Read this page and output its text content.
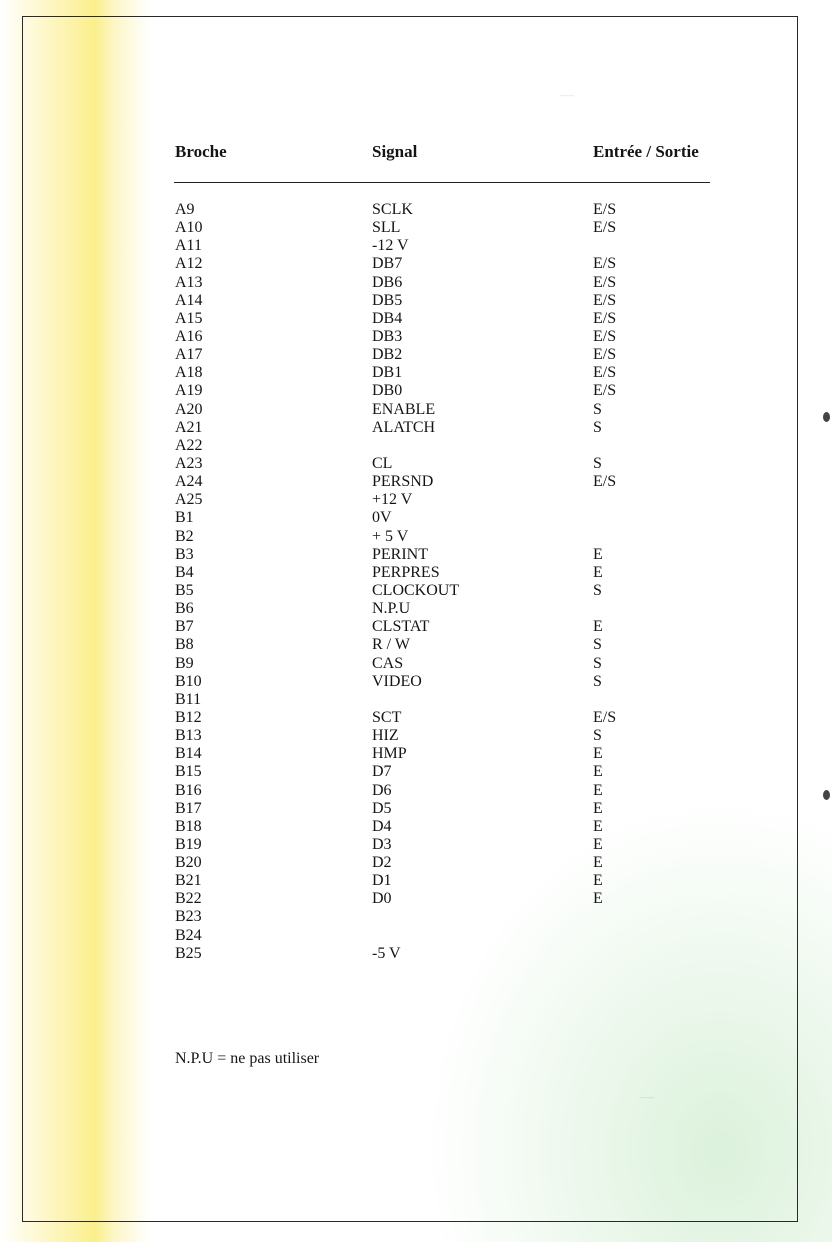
—
—
Broche	Signal	Entrée / Sortie
A9	SCLK	E/S
A10	SLL	E/S
A11	-12 V
A12	DB7	E/S
A13	DB6	E/S
A14	DB5	E/S
A15	DB4	E/S
A16	DB3	E/S
A17	DB2	E/S
A18	DB1	E/S
A19	DB0	E/S
A20	ENABLE	S
A21	ALATCH	S
A22
A23	CL	S
A24	PERSND	E/S
A25	+12 V
B1	0V
B2	+ 5 V
B3	PERINT	E
B4	PERPRES	E
B5	CLOCKOUT	S
B6	N.P.U
B7	CLSTAT	E
B8	R / W	S
B9	CAS	S
B10	VIDEO	S
B11
B12	SCT	E/S
B13	HIZ	S
B14	HMP	E
B15	D7	E
B16	D6	E
B17	D5	E
B18	D4	E
B19	D3	E
B20	D2	E
B21	D1	E
B22	D0	E
B23
B24
B25	-5 V
N.P.U = ne pas utiliser
